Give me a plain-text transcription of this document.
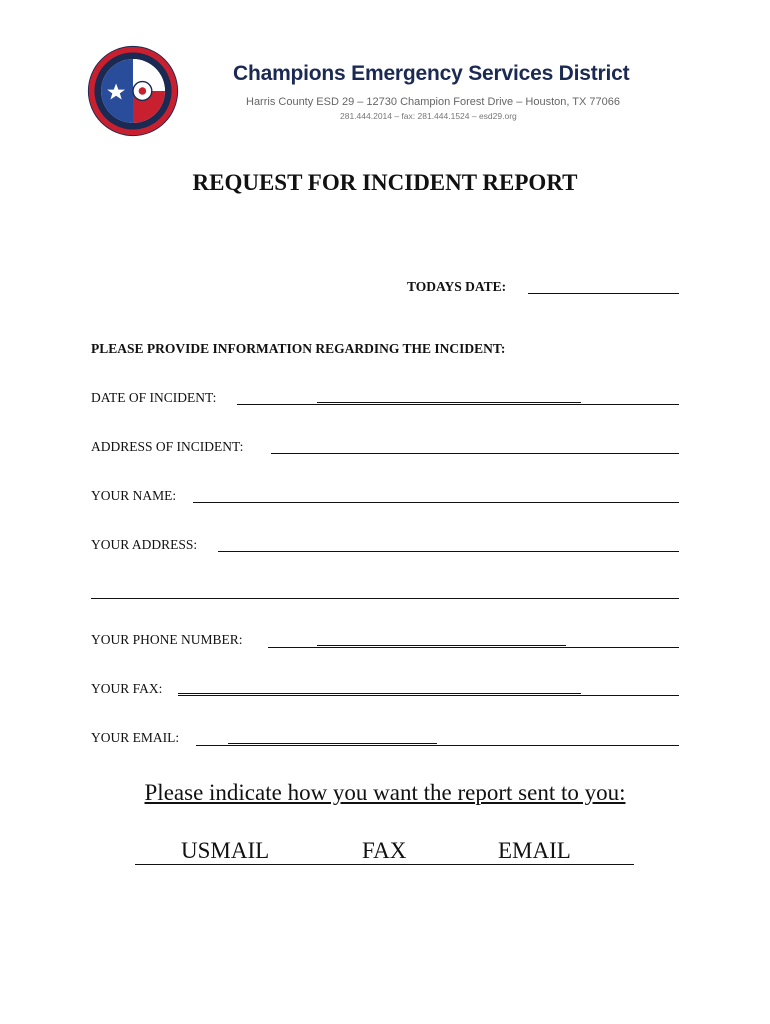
Champions Emergency Services District
Harris County ESD 29 – 12730 Champion Forest Drive – Houston, TX 77066
281.444.2014 – fax: 281.444.1524 – esd29.org
REQUEST FOR INCIDENT REPORT
TODAYS DATE:
PLEASE PROVIDE INFORMATION REGARDING THE INCIDENT:
DATE OF INCIDENT:
ADDRESS OF INCIDENT:
YOUR NAME:
YOUR ADDRESS:
YOUR PHONE NUMBER:
YOUR FAX:
YOUR EMAIL:
Please indicate how you want the report sent to you:
USMAIL	FAX	EMAIL
